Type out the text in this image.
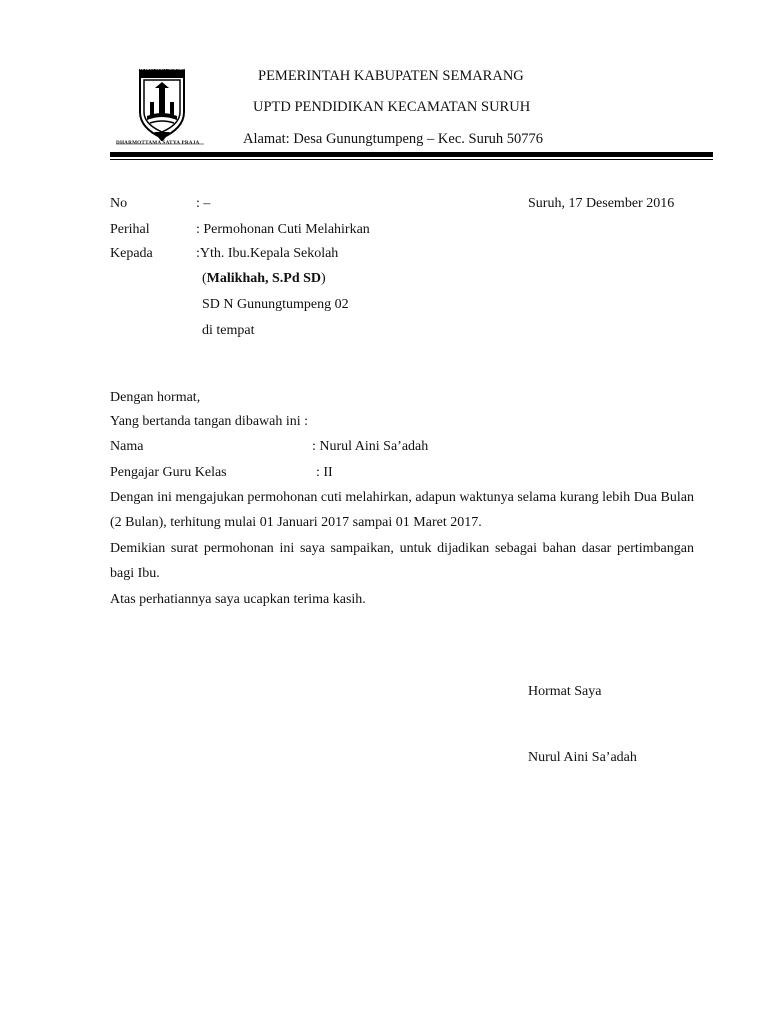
KABUPATEN SEMARANG
DHARMOTTAMA SATYA PRAJA
PEMERINTAH KABUPATEN SEMARANG
UPTD PENDIDIKAN KECAMATAN SURUH
Alamat: Desa Gunungtumpeng – Kec. Suruh 50776
No	: –	Suruh, 17 Desember 2016
Perihal	: Permohonan Cuti Melahirkan
Kepada	:Yth. Ibu.Kepala Sekolah
(Malikhah, S.Pd SD)
SD N Gunungtumpeng 02
di tempat
Dengan hormat,
Yang bertanda tangan dibawah ini :
Nama	: Nurul Aini Sa’adah
Pengajar Guru Kelas	: II
Dengan ini mengajukan permohonan cuti melahirkan, adapun waktunya selama kurang lebih Dua Bulan (2 Bulan), terhitung mulai 01 Januari 2017 sampai 01 Maret 2017.
Demikian surat permohonan ini saya sampaikan, untuk dijadikan sebagai bahan dasar pertimbangan bagi Ibu.
Atas perhatiannya saya ucapkan terima kasih.
Hormat Saya
Nurul Aini Sa’adah
